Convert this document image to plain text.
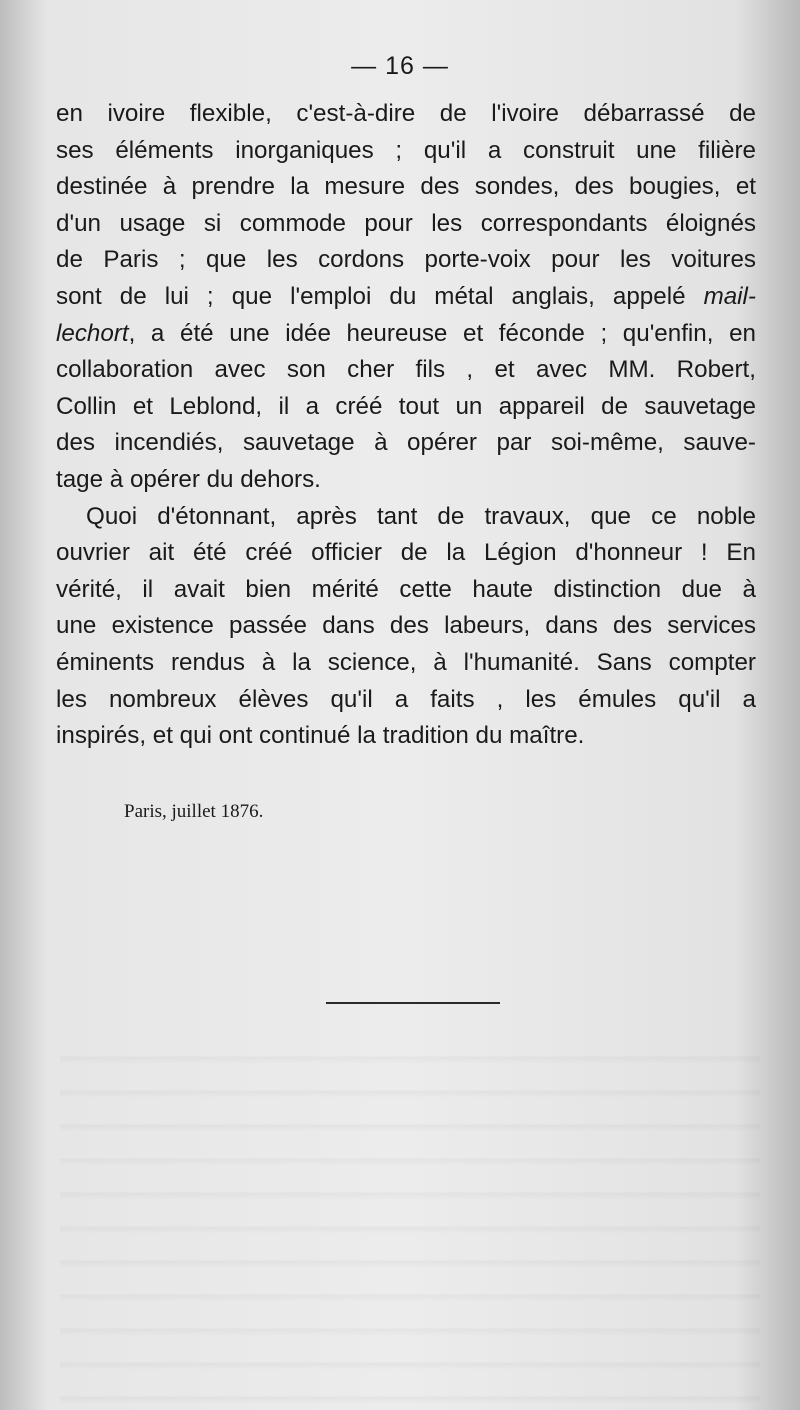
— 16 —
en ivoire flexible, c'est-à-dire de l'ivoire débarrassé de
ses éléments inorganiques ; qu'il a construit une filière
destinée à prendre la mesure des sondes, des bougies, et
d'un usage si commode pour les correspondants éloignés
de Paris ; que les cordons porte-voix pour les voitures
sont de lui ; que l'emploi du métal anglais, appelé mail-
lechort, a été une idée heureuse et féconde ; qu'enfin, en
collaboration avec son cher fils , et avec MM. Robert,
Collin et Leblond, il a créé tout un appareil de sauvetage
des incendiés, sauvetage à opérer par soi-même, sauve-
tage à opérer du dehors.
Quoi d'étonnant, après tant de travaux, que ce noble
ouvrier ait été créé officier de la Légion d'honneur ! En
vérité, il avait bien mérité cette haute distinction due à
une existence passée dans des labeurs, dans des services
éminents rendus à la science, à l'humanité. Sans compter
les nombreux élèves qu'il a faits , les émules qu'il a
inspirés, et qui ont continué la tradition du maître.
Paris, juillet 1876.
